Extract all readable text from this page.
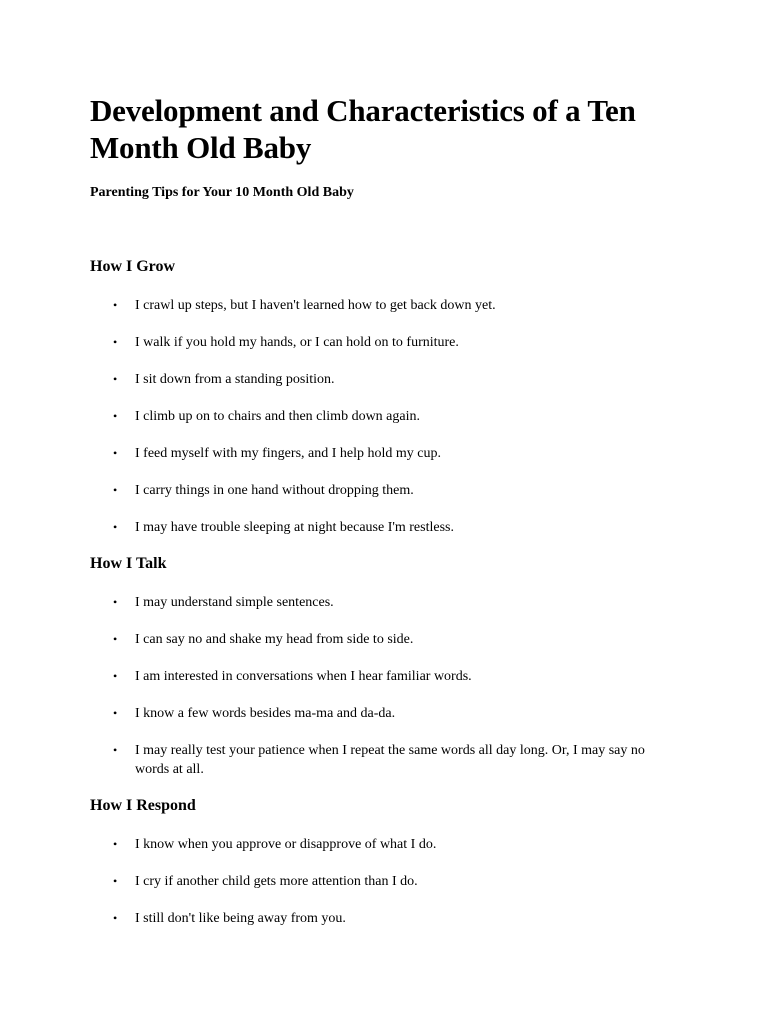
Development and Characteristics of a Ten Month Old Baby

Parenting Tips for Your 10 Month Old Baby

How I Grow
• I crawl up steps, but I haven't learned how to get back down yet.
• I walk if you hold my hands, or I can hold on to furniture.
• I sit down from a standing position.
• I climb up on to chairs and then climb down again.
• I feed myself with my fingers, and I help hold my cup.
• I carry things in one hand without dropping them.
• I may have trouble sleeping at night because I'm restless.
How I Talk
• I may understand simple sentences.
• I can say no and shake my head from side to side.
• I am interested in conversations when I hear familiar words.
• I know a few words besides ma-ma and da-da.
• I may really test your patience when I repeat the same words all day long. Or, I may say no words at all.
How I Respond
• I know when you approve or disapprove of what I do.
• I cry if another child gets more attention than I do.
• I still don't like being away from you.
